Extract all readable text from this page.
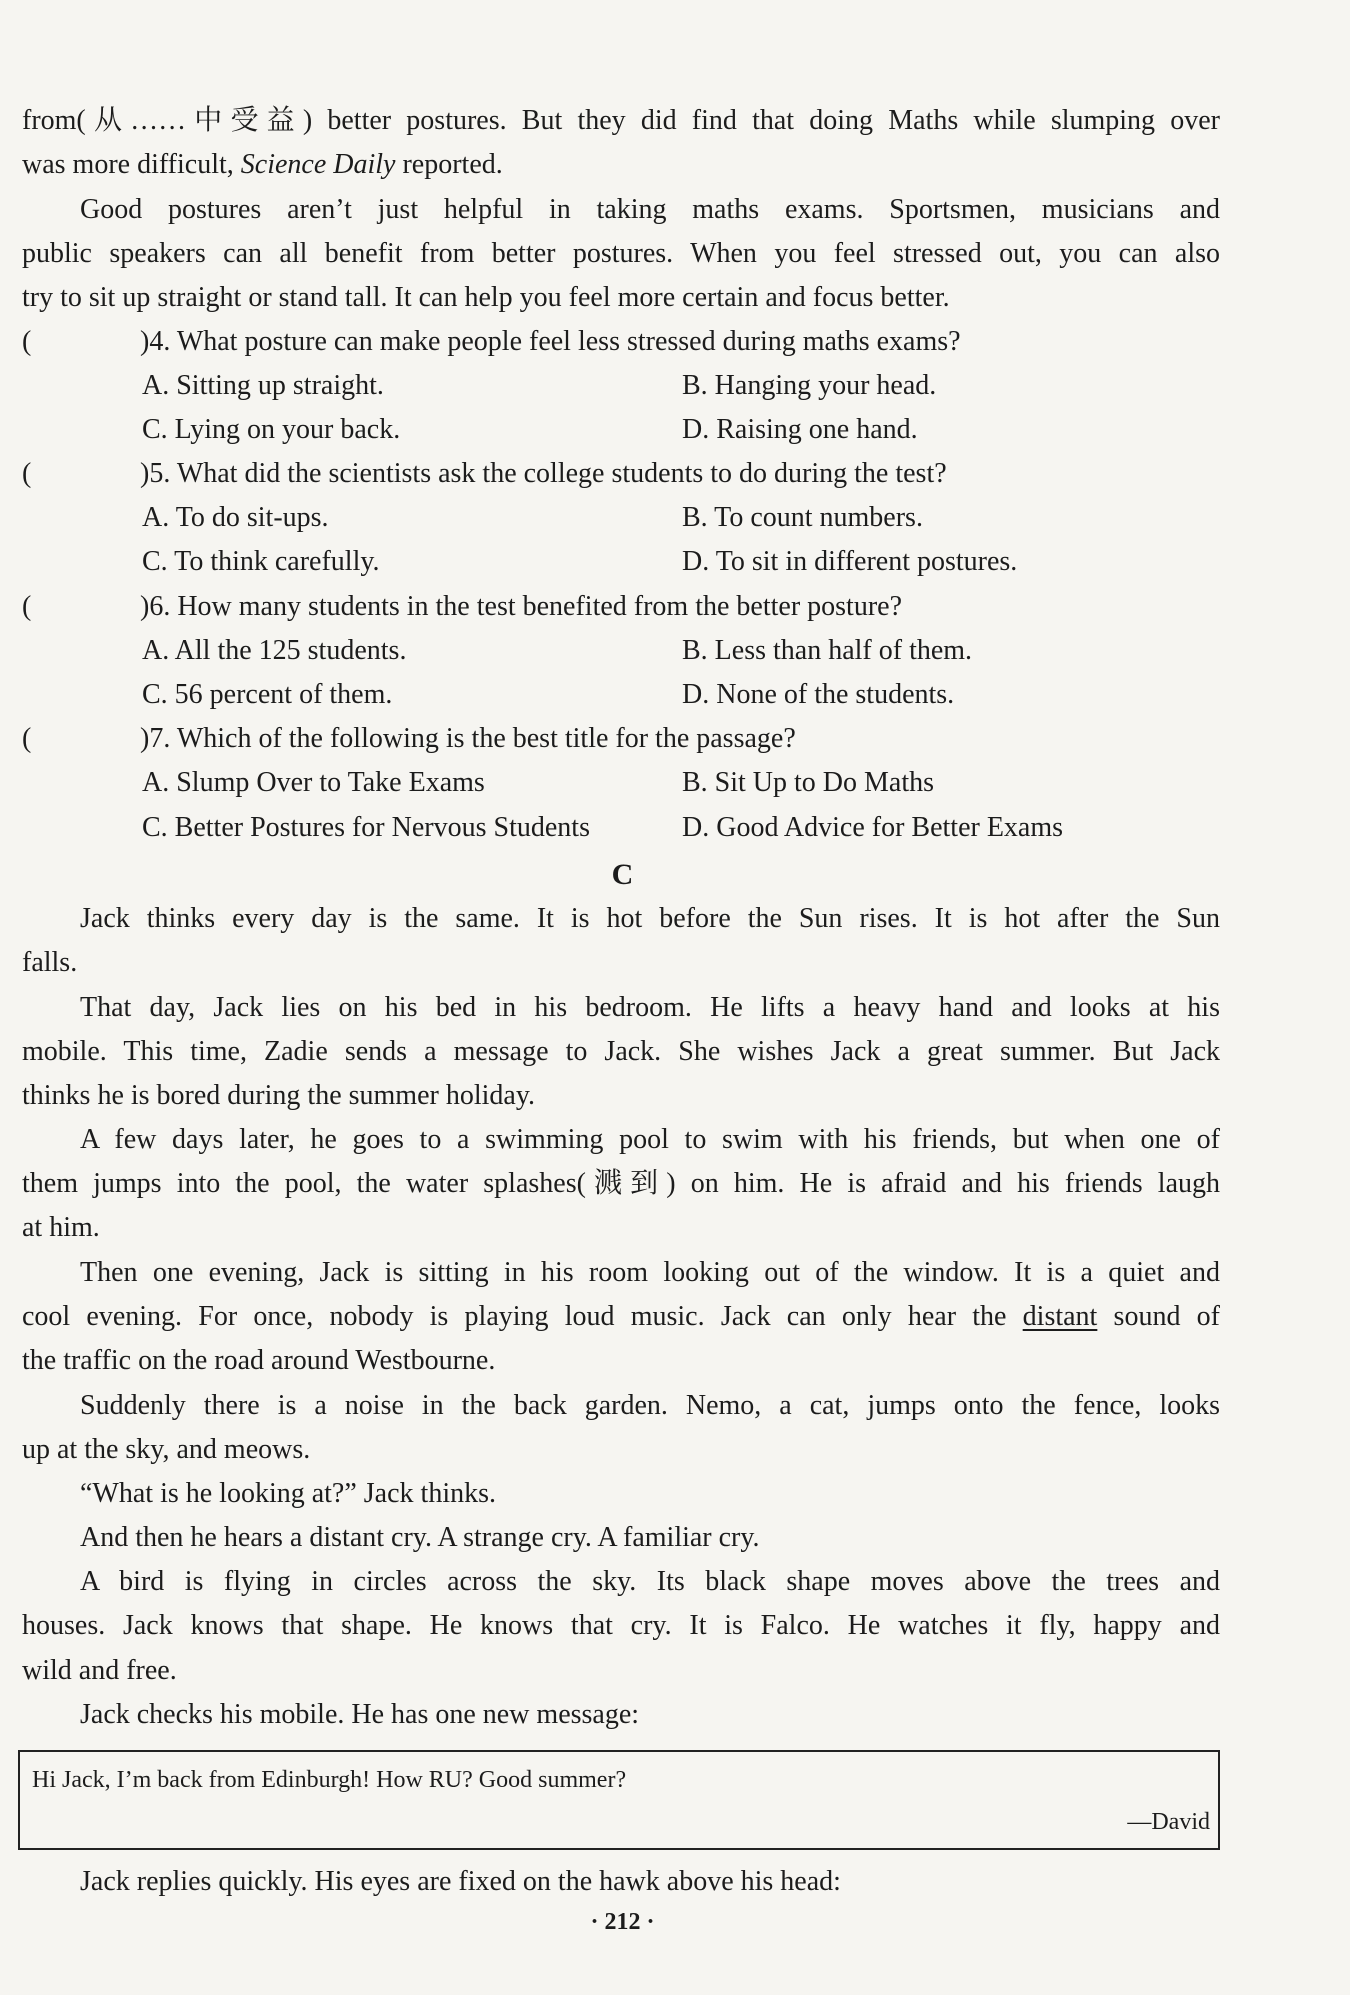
from(从……中受益) better postures. But they did find that doing Maths while slumping over
was more difficult, Science Daily reported.
Good postures aren’t just helpful in taking maths exams. Sportsmen, musicians and
public speakers can all benefit from better postures. When you feel stressed out, you can also
try to sit up straight or stand tall. It can help you feel more certain and focus better.
(	)4. What posture can make people feel less stressed during maths exams?
A. Sitting up straight.	B. Hanging your head.
C. Lying on your back.	D. Raising one hand.
(	)5. What did the scientists ask the college students to do during the test?
A. To do sit-ups.	B. To count numbers.
C. To think carefully.	D. To sit in different postures.
(	)6. How many students in the test benefited from the better posture?
A. All the 125 students.	B. Less than half of them.
C. 56 percent of them.	D. None of the students.
(	)7. Which of the following is the best title for the passage?
A. Slump Over to Take Exams	B. Sit Up to Do Maths
C. Better Postures for Nervous Students	D. Good Advice for Better Exams
C
Jack thinks every day is the same. It is hot before the Sun rises. It is hot after the Sun
falls.
That day, Jack lies on his bed in his bedroom. He lifts a heavy hand and looks at his
mobile. This time, Zadie sends a message to Jack. She wishes Jack a great summer. But Jack
thinks he is bored during the summer holiday.
A few days later, he goes to a swimming pool to swim with his friends, but when one of
them jumps into the pool, the water splashes(溅到) on him. He is afraid and his friends laugh
at him.
Then one evening, Jack is sitting in his room looking out of the window. It is a quiet and
cool evening. For once, nobody is playing loud music. Jack can only hear the distant sound of
the traffic on the road around Westbourne.
Suddenly there is a noise in the back garden. Nemo, a cat, jumps onto the fence, looks
up at the sky, and meows.
“What is he looking at?” Jack thinks.
And then he hears a distant cry. A strange cry. A familiar cry.
A bird is flying in circles across the sky. Its black shape moves above the trees and
houses. Jack knows that shape. He knows that cry. It is Falco. He watches it fly, happy and
wild and free.
Jack checks his mobile. He has one new message:
Hi Jack, I’m back from Edinburgh! How RU? Good summer?
—David
Jack replies quickly. His eyes are fixed on the hawk above his head:
· 212 ·
